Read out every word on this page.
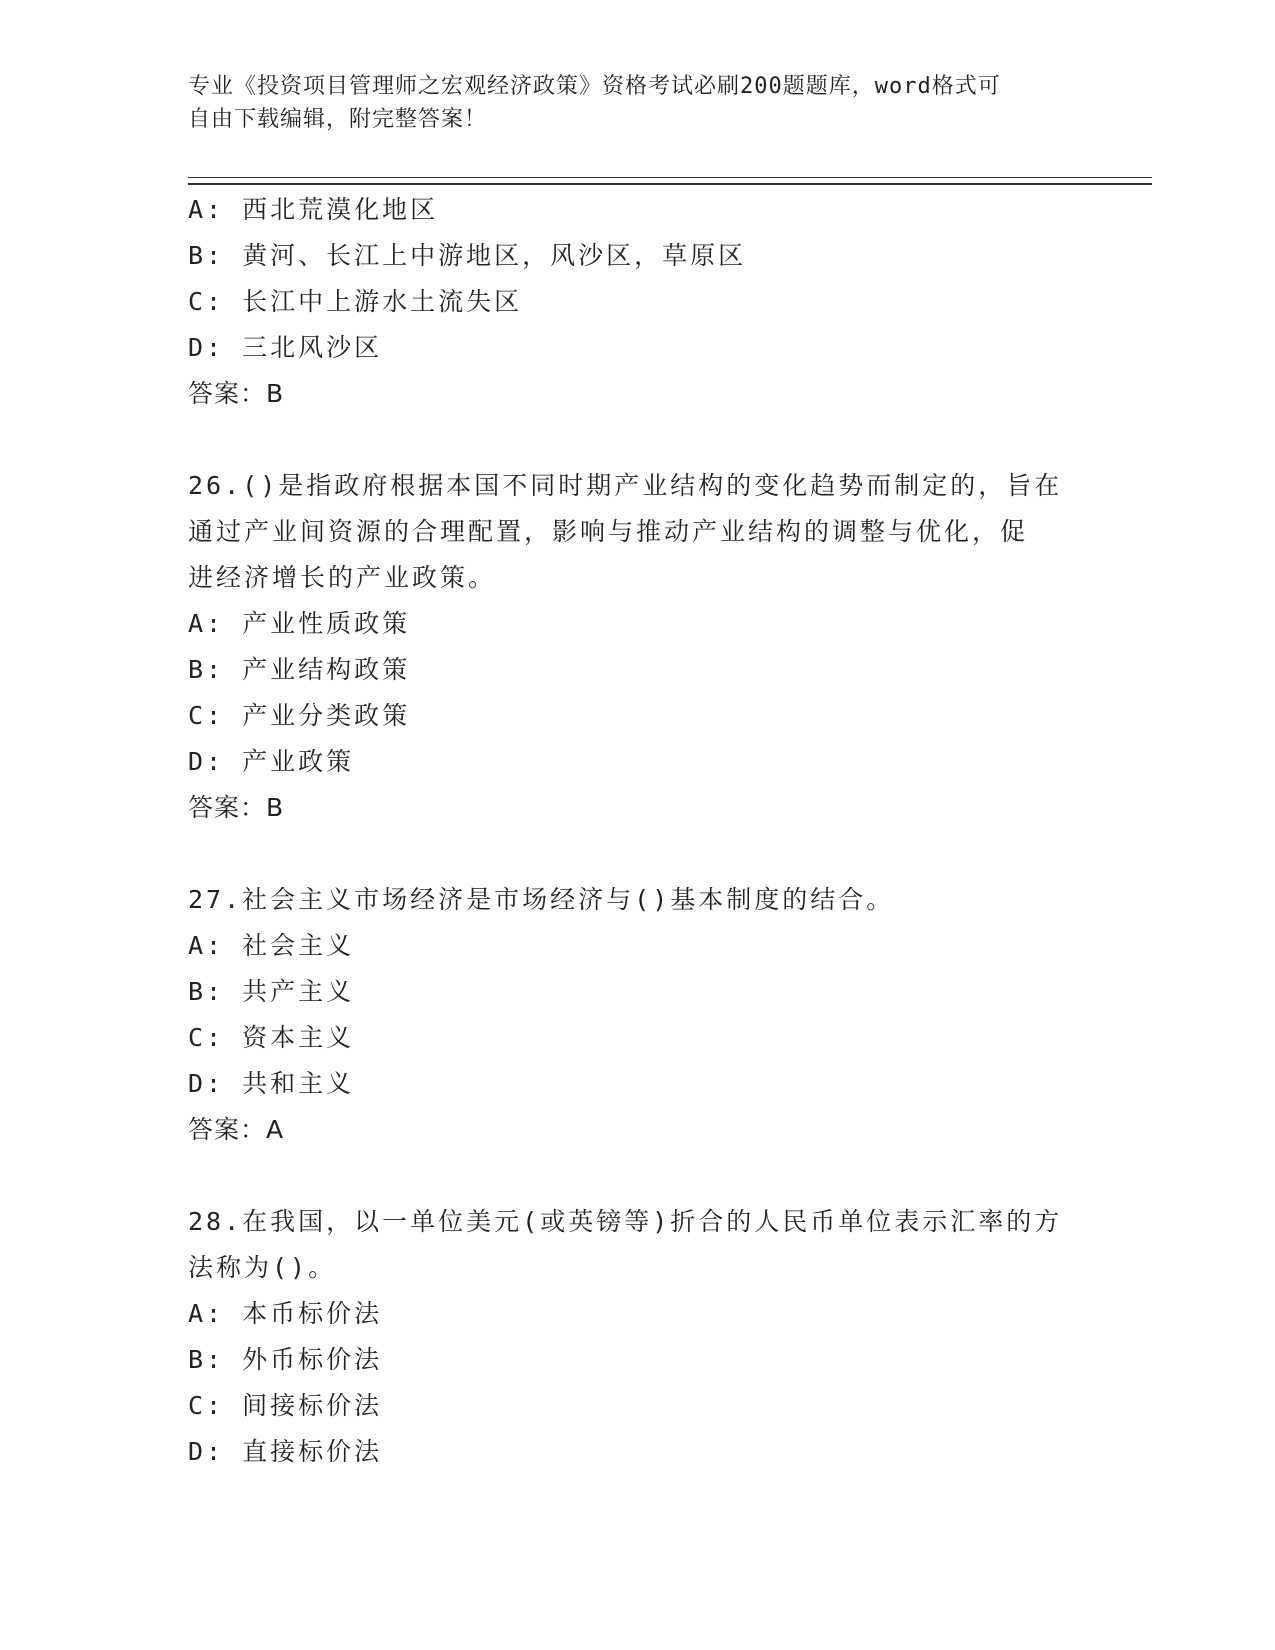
专业《投资项目管理师之宏观经济政策》资格考试必刷200题题库，word格式可
自由下载编辑，附完整答案！
A: 西北荒漠化地区
B: 黄河、长江上中游地区，风沙区，草原区
C: 长江中上游水土流失区
D: 三北风沙区
答案：B
26.()是指政府根据本国不同时期产业结构的变化趋势而制定的，旨在
通过产业间资源的合理配置，影响与推动产业结构的调整与优化，促
进经济增长的产业政策。
A: 产业性质政策
B: 产业结构政策
C: 产业分类政策
D: 产业政策
答案：B
27.社会主义市场经济是市场经济与()基本制度的结合。
A: 社会主义
B: 共产主义
C: 资本主义
D: 共和主义
答案：A
28.在我国，以一单位美元(或英镑等)折合的人民币单位表示汇率的方
法称为()。
A: 本币标价法
B: 外币标价法
C: 间接标价法
D: 直接标价法
